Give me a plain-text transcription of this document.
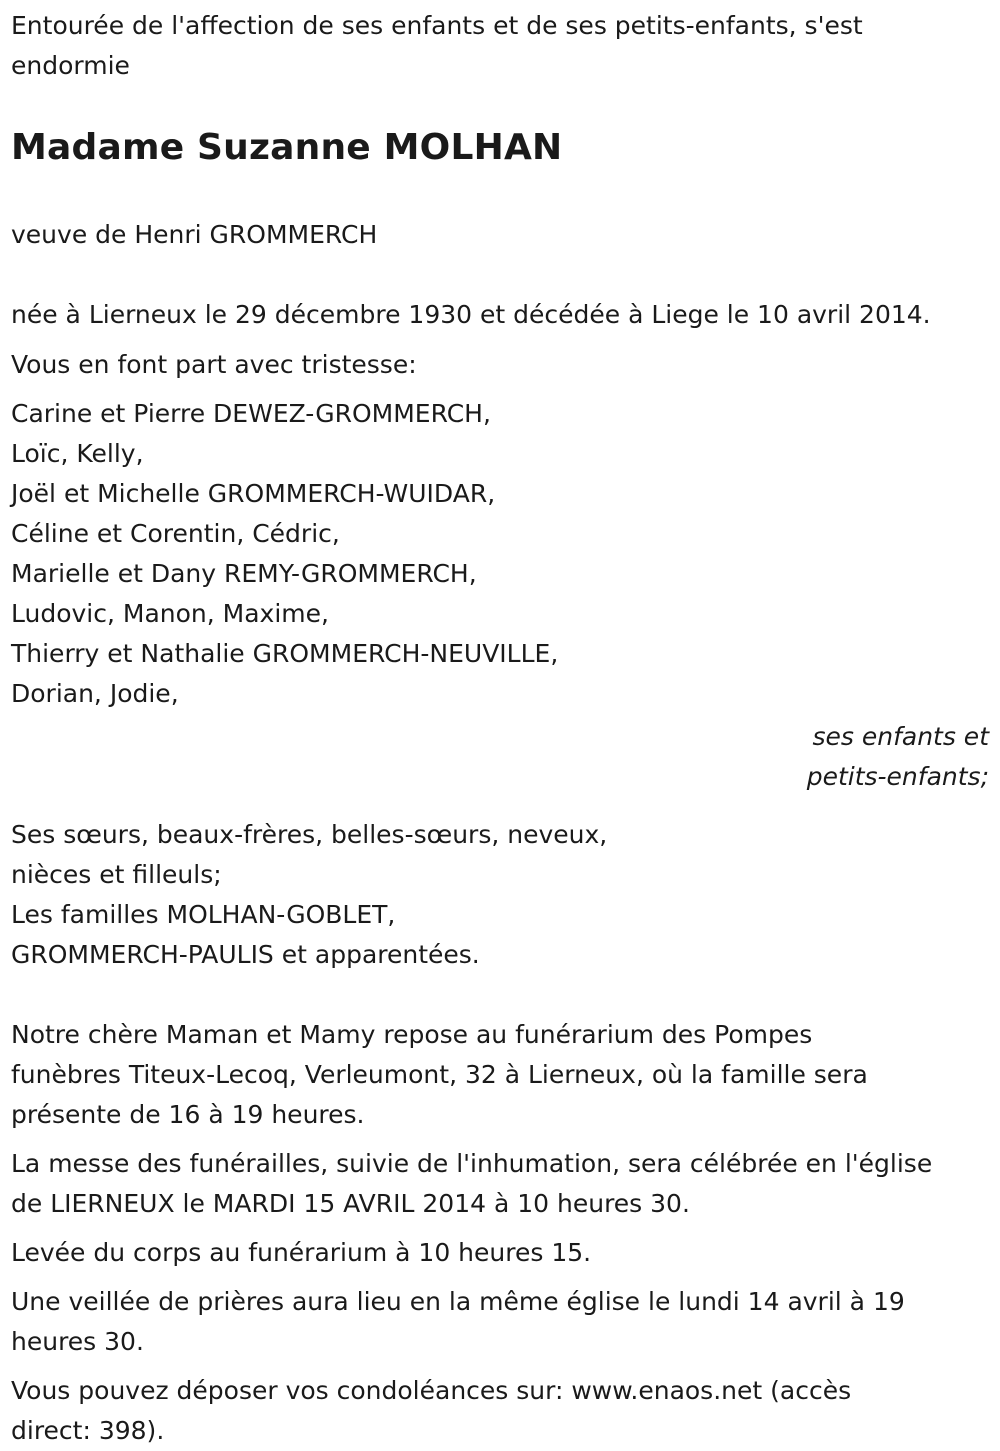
Entourée de l'affection de ses enfants et de ses petits-enfants, s'est
endormie

Madame Suzanne MOLHAN

veuve de Henri GROMMERCH

née à Lierneux le 29 décembre 1930 et décédée à Liege le 10 avril 2014.

Vous en font part avec tristesse:

Carine et Pierre DEWEZ-GROMMERCH,
Loïc, Kelly,
Joël et Michelle GROMMERCH-WUIDAR,
Céline et Corentin, Cédric,
Marielle et Dany REMY-GROMMERCH,
Ludovic, Manon, Maxime,
Thierry et Nathalie GROMMERCH-NEUVILLE,
Dorian, Jodie,
ses enfants et
petits-enfants;
Ses sœurs, beaux-frères, belles-sœurs, neveux,
nièces et filleuls;
Les familles MOLHAN-GOBLET,
GROMMERCH-PAULIS et apparentées.

Notre chère Maman et Mamy repose au funérarium des Pompes
funèbres Titeux-Lecoq, Verleumont, 32 à Lierneux, où la famille sera
présente de 16 à 19 heures.

La messe des funérailles, suivie de l'inhumation, sera célébrée en l'église
de LIERNEUX le MARDI 15 AVRIL 2014 à 10 heures 30.

Levée du corps au funérarium à 10 heures 15.

Une veillée de prières aura lieu en la même église le lundi 14 avril à 19
heures 30.

Vous pouvez déposer vos condoléances sur: www.enaos.net (accès
direct: 398).
